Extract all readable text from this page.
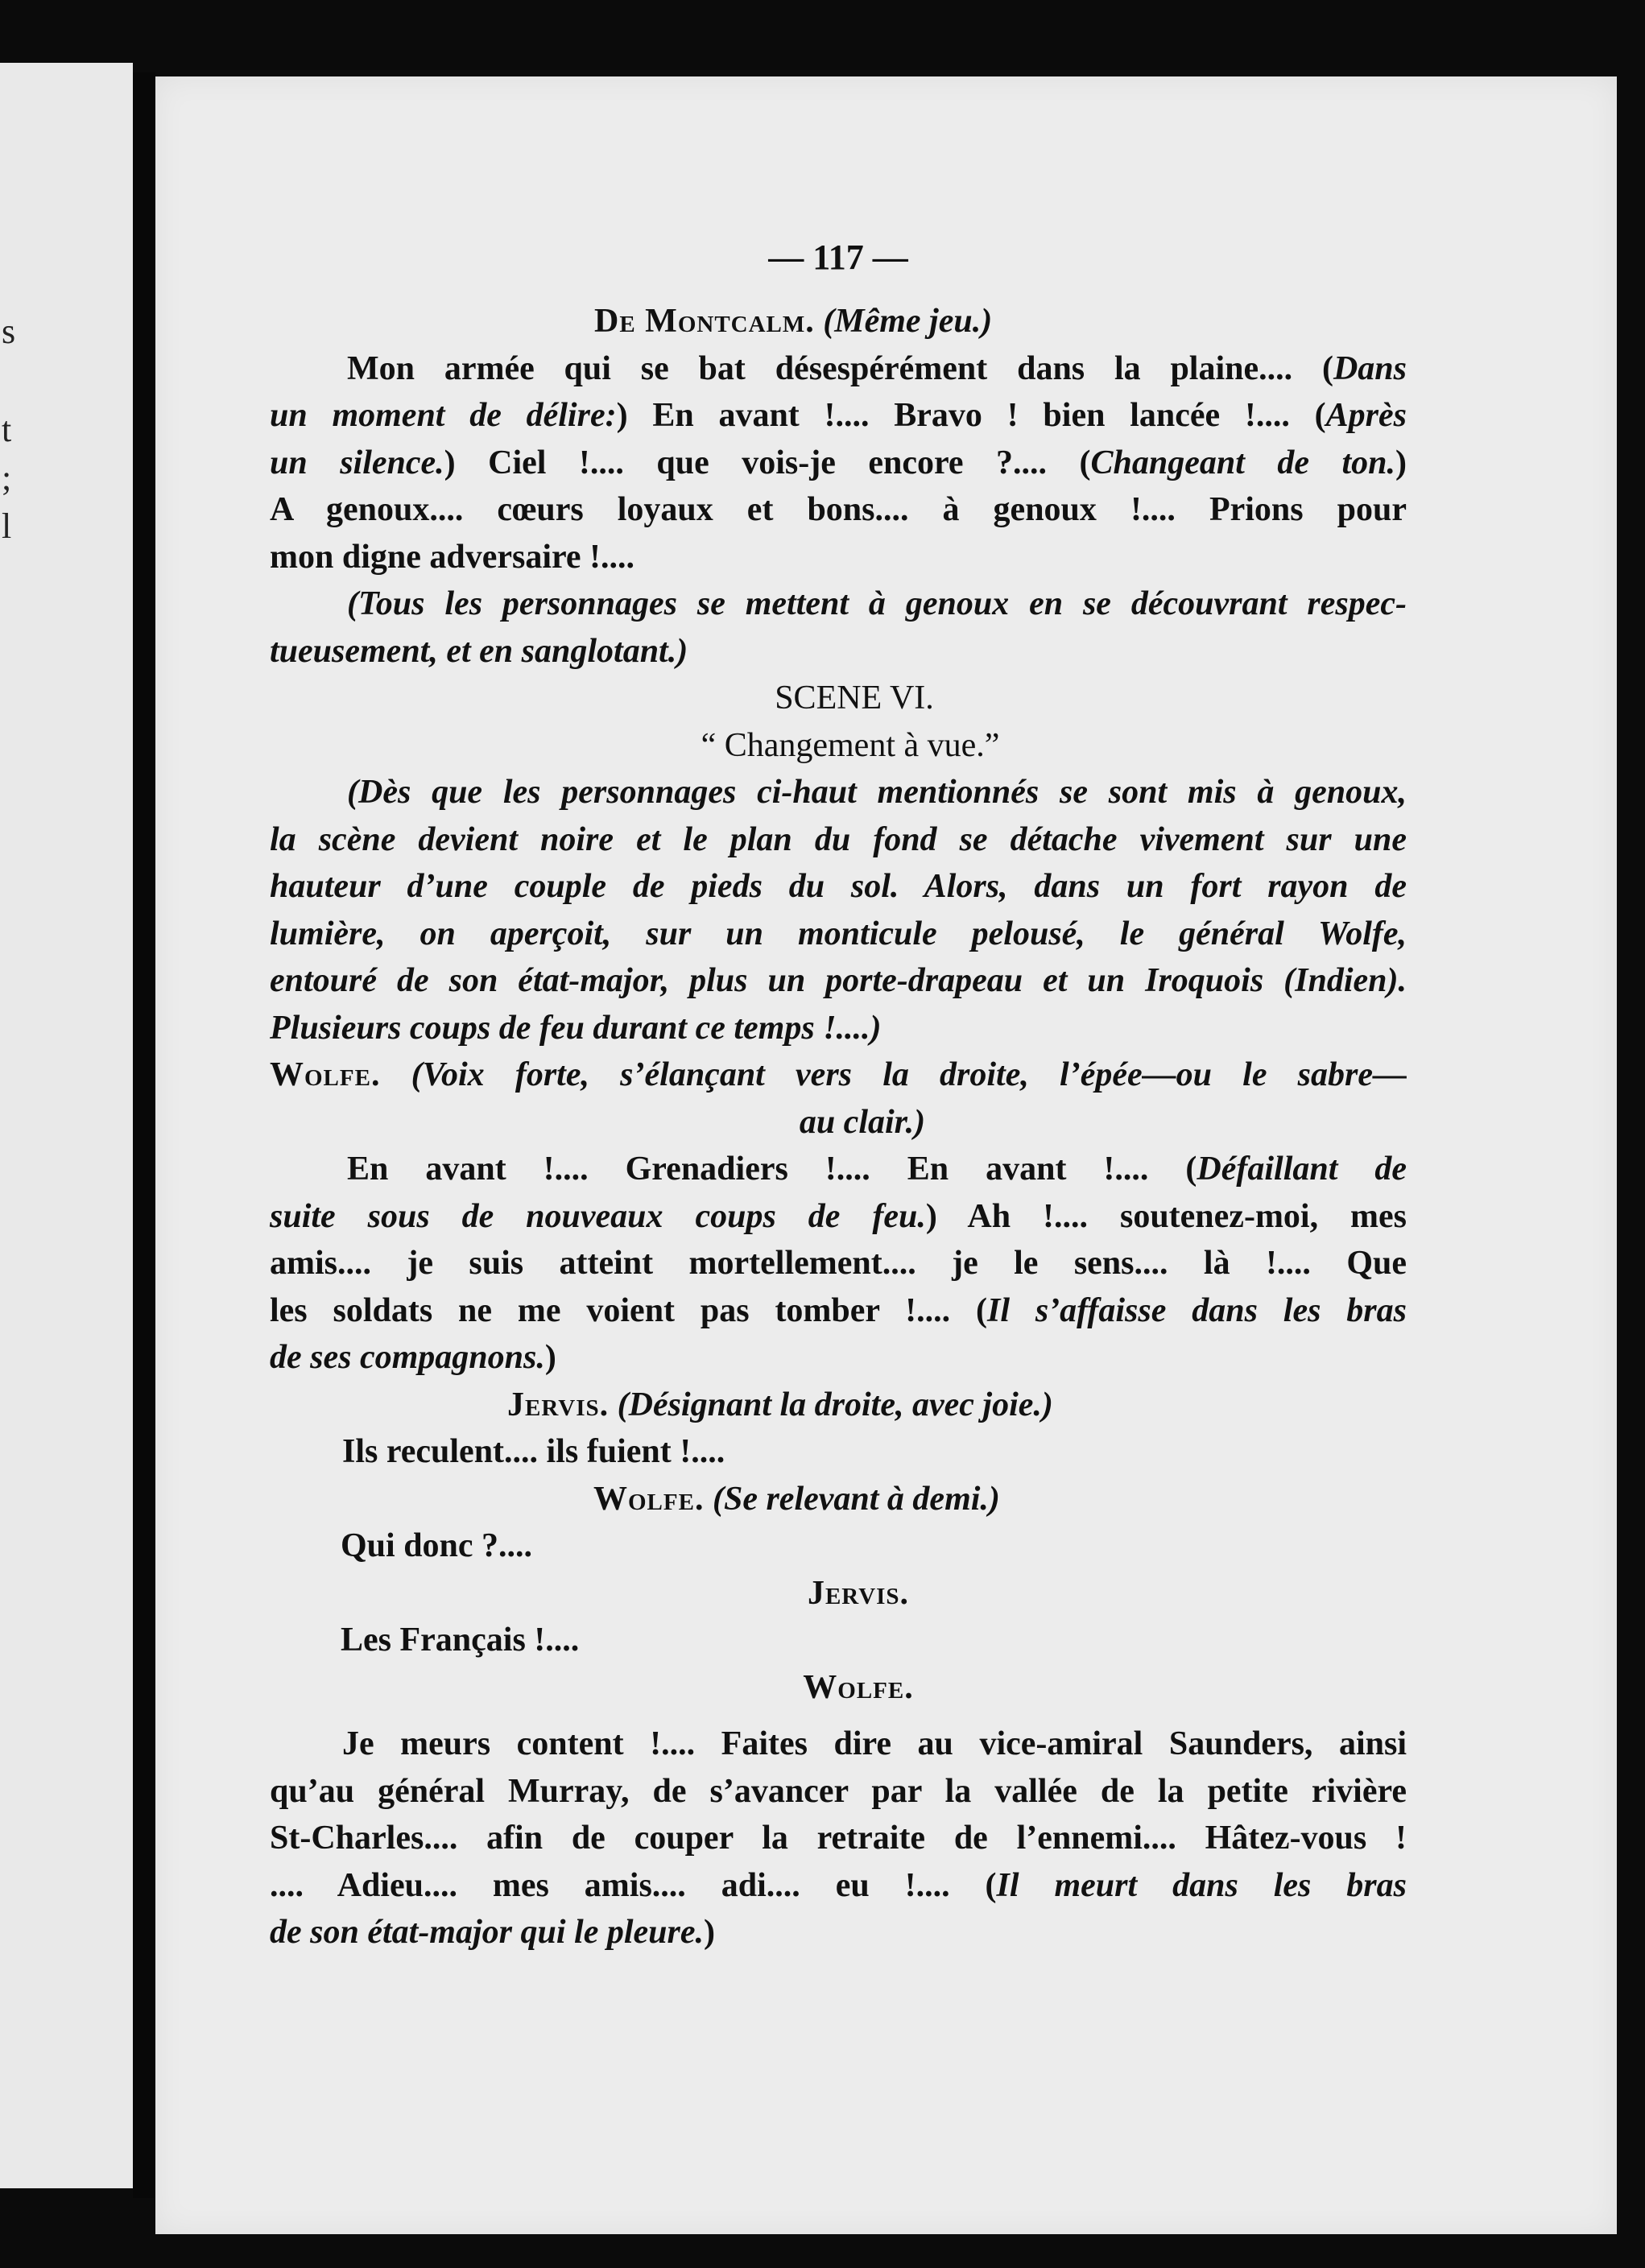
s
t
;
l
— 117 —
De Montcalm. (Même jeu.)
Mon armée qui se bat désespérément dans la plaine.... (Dans
un moment de délire:) En avant !.... Bravo ! bien lancée !.... (Après
un silence.) Ciel !.... que vois-je encore ?.... (Changeant de ton.)
A genoux.... cœurs loyaux et bons.... à genoux !.... Prions pour
mon digne adversaire !....
(Tous les personnages se mettent à genoux en se découvrant respec-
tueusement, et en sanglotant.)
SCENE VI.
“ Changement à vue.”
(Dès que les personnages ci-haut mentionnés se sont mis à genoux,
la scène devient noire et le plan du fond se détache vivement sur une
hauteur d’une couple de pieds du sol. Alors, dans un fort rayon de
lumière, on aperçoit, sur un monticule pelousé, le général Wolfe,
entouré de son état-major, plus un porte-drapeau et un Iroquois (Indien).
Plusieurs coups de feu durant ce temps !....)
Wolfe. (Voix forte, s’élançant vers la droite, l’épée—ou le sabre—
au clair.)
En avant !.... Grenadiers !.... En avant !.... (Défaillant de
suite sous de nouveaux coups de feu.) Ah !.... soutenez-moi, mes
amis.... je suis atteint mortellement.... je le sens.... là !.... Que
les soldats ne me voient pas tomber !.... (Il s’affaisse dans les bras
de ses compagnons.)
Jervis. (Désignant la droite, avec joie.)
Ils reculent.... ils fuient !....
Wolfe. (Se relevant à demi.)
Qui donc ?....
Jervis.
Les Français !....
Wolfe.
Je meurs content !.... Faites dire au vice-amiral Saunders, ainsi
qu’au général Murray, de s’avancer par la vallée de la petite rivière
St-Charles.... afin de couper la retraite de l’ennemi.... Hâtez-vous !
.... Adieu.... mes amis.... adi.... eu !.... (Il meurt dans les bras
de son état-major qui le pleure.)
